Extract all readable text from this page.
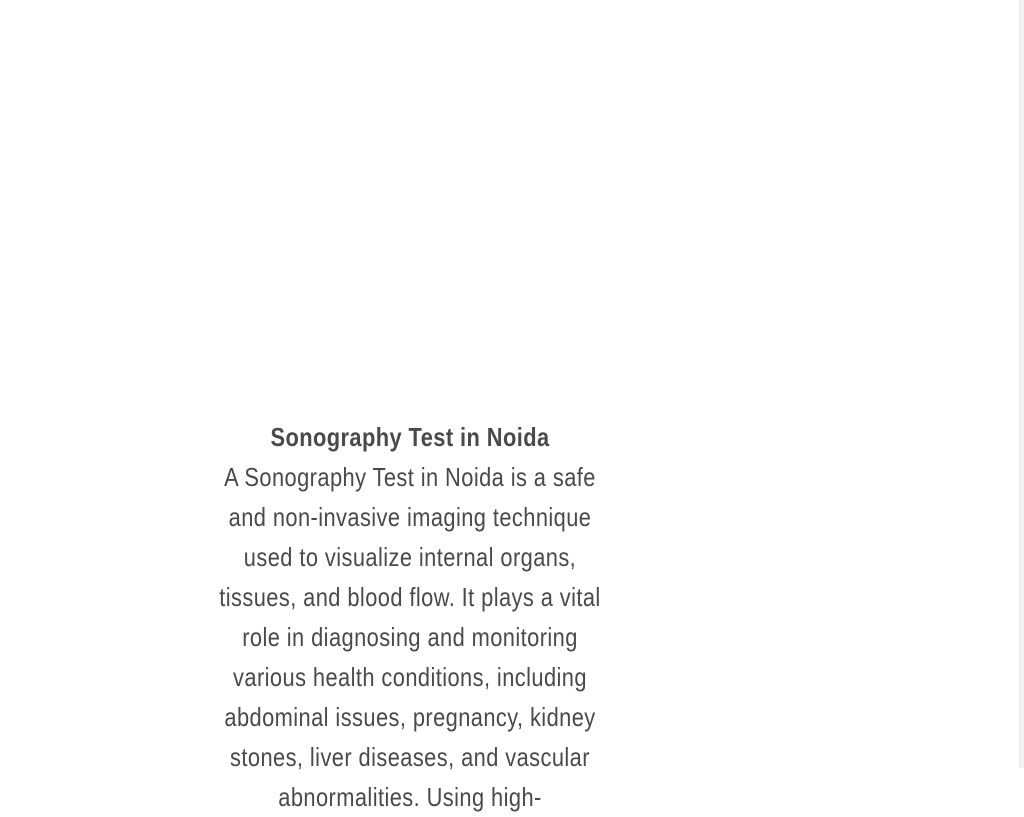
Sonography Test in Noida

A Sonography Test in Noida is a safe and non-invasive imaging technique used to visualize internal organs, tissues, and blood flow. It plays a vital role in diagnosing and monitoring various health conditions, including abdominal issues, pregnancy, kidney stones, liver diseases, and vascular abnormalities. Using high-
